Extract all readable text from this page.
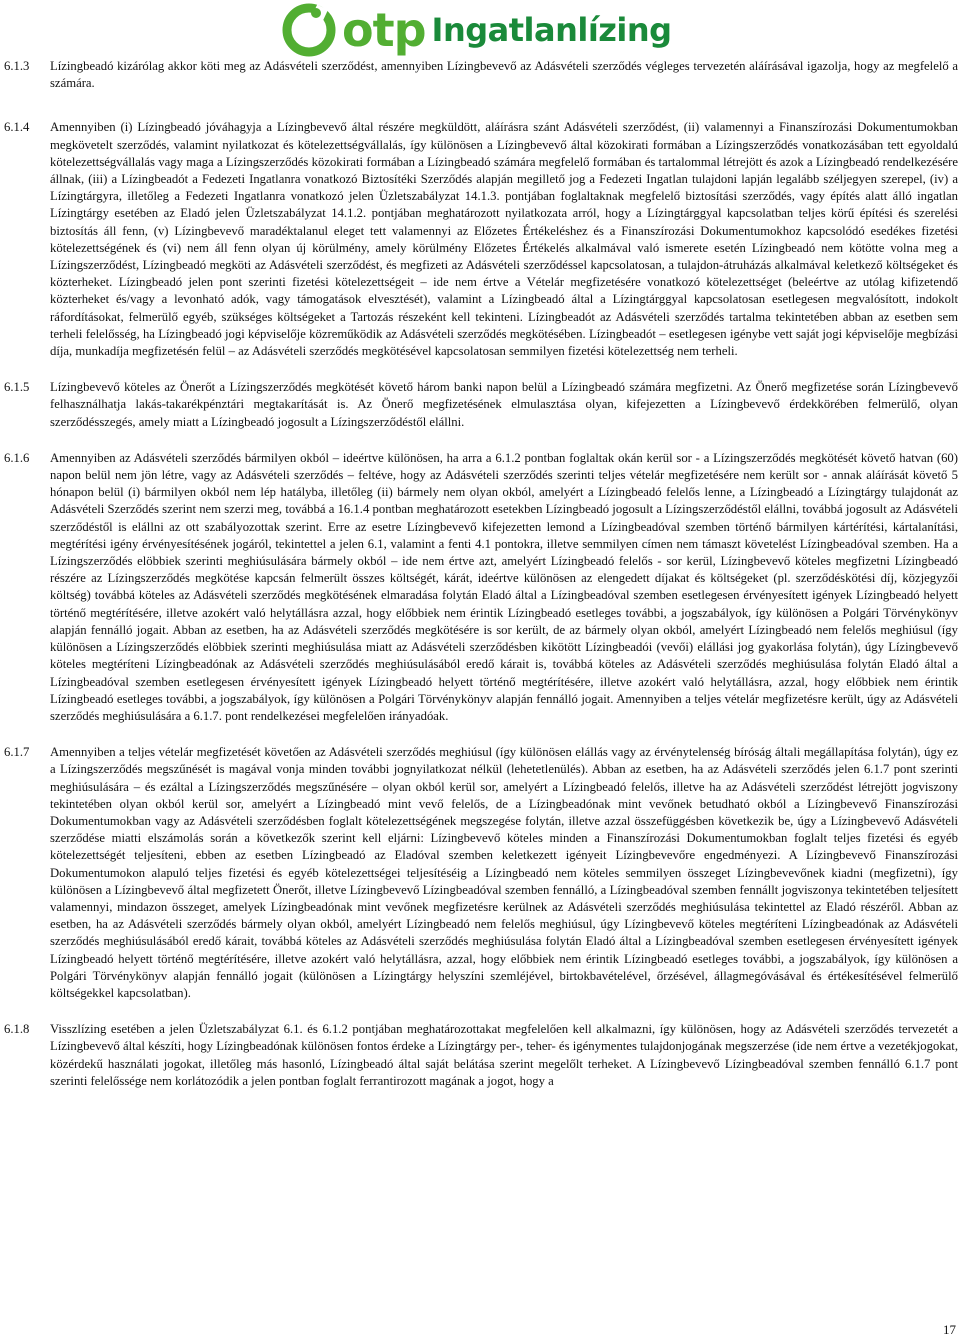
otp Ingatlanlízing
6.1.3	Lízingbeadó kizárólag akkor köti meg az Adásvételi szerződést, amennyiben Lízingbevevő az Adásvételi szerződés végleges tervezetén aláírásával igazolja, hogy az megfelelő a számára.
6.1.4	Amennyiben (i) Lízingbeadó jóváhagyja a Lízingbevevő által részére megküldött, aláírásra szánt Adásvételi szerződést, (ii) valamennyi a Finanszírozási Dokumentumokban megkövetelt szerződés, valamint nyilatkozat és kötelezettségvállalás, így különösen a Lízingbevevő által közokirati formában a Lízingszerződés vonatkozásában tett egyoldalú kötelezettségvállalás vagy maga a Lízingszerződés közokirati formában a Lízingbeadó számára megfelelő formában és tartalommal létrejött és azok a Lízingbeadó rendelkezésére állnak, (iii) a Lízingbeadót a Fedezeti Ingatlanra vonatkozó Biztosítéki Szerződés alapján megillető jog a Fedezeti Ingatlan tulajdoni lapján legalább széljegyen szerepel, (iv) a Lízingtárgyra, illetőleg a Fedezeti Ingatlanra vonatkozó jelen Üzletszabályzat 14.1.3. pontjában foglaltaknak megfelelő biztosítási szerződés, vagy építés alatt álló ingatlan Lízingtárgy esetében az Eladó jelen Üzletszabályzat 14.1.2. pontjában meghatározott nyilatkozata arról, hogy a Lízingtárggyal kapcsolatban teljes körű építési és szerelési biztosítás áll fenn, (v) Lízingbevevő maradéktalanul eleget tett valamennyi az Előzetes Értékeléshez és a Finanszírozási Dokumentumokhoz kapcsolódó esedékes fizetési kötelezettségének és (vi) nem áll fenn olyan új körülmény, amely körülmény Előzetes Értékelés alkalmával való ismerete esetén Lízingbeadó nem kötötte volna meg a Lízingszerződést, Lízingbeadó megköti az Adásvételi szerződést, és megfizeti az Adásvételi szerződéssel kapcsolatosan, a tulajdon-átruházás alkalmával keletkező költségeket és közterheket. Lízingbeadó jelen pont szerinti fizetési kötelezettségeit – ide nem értve a Vételár megfizetésére vonatkozó kötelezettséget (beleértve az utólag kifizetendő közterheket és/vagy a levonható adók, vagy támogatások elvesztését), valamint a Lízingbeadó által a Lízingtárggyal kapcsolatosan esetlegesen megvalósított, indokolt ráfordításokat, felmerülő egyéb, szükséges költségeket a Tartozás részeként kell tekinteni. Lízingbeadót az Adásvételi szerződés tartalma tekintetében abban az esetben sem terheli felelősség, ha Lízingbeadó jogi képviselője közreműködik az Adásvételi szerződés megkötésében. Lízingbeadót – esetlegesen igénybe vett saját jogi képviselője megbízási díja, munkadíja megfizetésén felül – az Adásvételi szerződés megkötésével kapcsolatosan semmilyen fizetési kötelezettség nem terheli.
6.1.5	Lízingbevevő köteles az Önerőt a Lízingszerződés megkötését követő három banki napon belül a Lízingbeadó számára megfizetni. Az Önerő megfizetése során Lízingbevevő felhasználhatja lakás-takarékpénztári megtakarítását is. Az Önerő megfizetésének elmulasztása olyan, kifejezetten a Lízingbevevő érdekkörében felmerülő, olyan szerződésszegés, amely miatt a Lízingbeadó jogosult a Lízingszerződéstől elállni.
6.1.6	Amennyiben az Adásvételi szerződés bármilyen okból – ideértve különösen, ha arra a 6.1.2 pontban foglaltak okán kerül sor - a Lízingszerződés megkötését követő hatvan (60) napon belül nem jön létre, vagy az Adásvételi szerződés – feltéve, hogy az Adásvételi szerződés szerinti teljes vételár megfizetésére nem került sor - annak aláírását követő 5 hónapon belül (i) bármilyen okból nem lép hatályba, illetőleg (ii) bármely nem olyan okból, amelyért a Lízingbeadó felelős lenne, a Lízingbeadó a Lízingtárgy tulajdonát az Adásvételi Szerződés szerint nem szerzi meg, továbbá a 16.1.4 pontban meghatározott esetekben Lízingbeadó jogosult a Lízingszerződéstől elállni, továbbá jogosult az Adásvételi szerződéstől is elállni az ott szabályozottak szerint. Erre az esetre Lízingbevevő kifejezetten lemond a Lízingbeadóval szemben történő bármilyen kártérítési, kártalanítási, megtérítési igény érvényesítésének jogáról, tekintettel a jelen 6.1, valamint a fenti 4.1 pontokra, illetve semmilyen címen nem támaszt követelést Lízingbeadóval szemben. Ha a Lízingszerződés elöbbiek szerinti meghiúsulására bármely okból – ide nem értve azt, amelyért Lízingbeadó felelős - sor kerül, Lízingbevevő köteles megfizetni Lízingbeadó részére az Lízingszerződés megkötése kapcsán felmerült összes költségét, kárát, ideértve különösen az elengedett díjakat és költségeket (pl. szerződéskötési díj, közjegyzői költség) továbbá köteles az Adásvételi szerződés megkötésének elmaradása folytán Eladó által a Lízingbeadóval szemben esetlegesen érvényesített igények Lízingbeadó helyett történő megtérítésére, illetve azokért való helytállásra azzal, hogy előbbiek nem érintik Lízingbeadó esetleges további, a jogszabályok, így különösen a Polgári Törvénykönyv alapján fennálló jogait. Abban az esetben, ha az Adásvételi szerződés megkötésére is sor került, de az bármely olyan okból, amelyért Lízingbeadó nem felelős meghiúsul (így különösen a Lízingszerződés elöbbiek szerinti meghiúsulása miatt az Adásvételi szerződésben kikötött Lízingbeadói (vevői) elállási jog gyakorlása folytán), úgy Lízingbevevő köteles megtéríteni Lízingbeadónak az Adásvételi szerződés meghiúsulásából eredő kárait is, továbbá köteles az Adásvételi szerződés meghiúsulása folytán Eladó által a Lízingbeadóval szemben esetlegesen érvényesített igények Lízingbeadó helyett történő megtérítésére, illetve azokért való helytállásra, azzal, hogy előbbiek nem érintik Lízingbeadó esetleges további, a jogszabályok, így különösen a Polgári Törvénykönyv alapján fennálló jogait. Amennyiben a teljes vételár megfizetésre került, úgy az Adásvételi szerződés meghiúsulására a 6.1.7. pont rendelkezései megfelelően irányadóak.
6.1.7	Amennyiben a teljes vételár megfizetését követően az Adásvételi szerződés meghiúsul (így különösen elállás vagy az érvénytelenség bíróság általi megállapítása folytán), úgy ez a Lízingszerződés megszűnését is magával vonja minden további jognyilatkozat nélkül (lehetetlenülés). Abban az esetben, ha az Adásvételi szerződés jelen 6.1.7 pont szerinti meghiúsulására – és ezáltal a Lízingszerződés megszűnésére – olyan okból kerül sor, amelyért a Lízingbeadó felelős, illetve ha az Adásvételi szerződést létrejött jogviszony tekintetében olyan okból kerül sor, amelyért a Lízingbeadó mint vevő felelős, de a Lízingbeadónak mint vevőnek betudható okból a Lízingbevevő Finanszírozási Dokumentumokban vagy az Adásvételi szerződésben foglalt kötelezettségének megszegése folytán, illetve azzal összefüggésben következik be, úgy a Lízingbevevő Adásvételi szerződése miatti elszámolás során a következők szerint kell eljárni: Lízingbevevő köteles minden a Finanszírozási Dokumentumokban foglalt teljes fizetési és egyéb kötelezettségét teljesíteni, ebben az esetben Lízingbeadó az Eladóval szemben keletkezett igényeit Lízingbevevőre engedményezi. A Lízingbevevő Finanszírozási Dokumentumokon alapuló teljes fizetési és egyéb kötelezettségei teljesítéséig a Lízingbeadó nem köteles semmilyen összeget Lízingbevevőnek kiadni (megfizetni), így különösen a Lízingbevevő által megfizetett Önerőt, illetve Lízingbevevő Lízingbeadóval szemben fennálló, a Lízingbeadóval szemben fennállt jogviszonya tekintetében teljesített valamennyi, mindazon összeget, amelyek Lízingbeadónak mint vevőnek megfizetésre kerülnek az Adásvételi szerződés meghiúsulása tekintettel az Eladó részéről. Abban az esetben, ha az Adásvételi szerződés bármely olyan okból, amelyért Lízingbeadó nem felelős meghiúsul, úgy Lízingbevevő köteles megtéríteni Lízingbeadónak az Adásvételi szerződés meghiúsulásából eredő kárait, továbbá köteles az Adásvételi szerződés meghiúsulása folytán Eladó által a Lízingbeadóval szemben esetlegesen érvényesített igények Lízingbeadó helyett történő megtérítésére, illetve azokért való helytállásra, azzal, hogy előbbiek nem érintik Lízingbeadó esetleges további, a jogszabályok, így különösen a Polgári Törvénykönyv alapján fennálló jogait (különösen a Lízingtárgy helyszíni szemléjével, birtokbavételével, őrzésével, állagmegóvásával és értékesítésével felmerülő költségekkel kapcsolatban).
6.1.8	Visszlízing esetében a jelen Üzletszabályzat 6.1. és 6.1.2 pontjában meghatározottakat megfelelően kell alkalmazni, így különösen, hogy az Adásvételi szerződés tervezetét a Lízingbevevő által készíti, hogy Lízingbeadónak különösen fontos érdeke a Lízingtárgy per-, teher- és igénymentes tulajdonjogának megszerzése (ide nem értve a vezetékjogokat, közérdekű használati jogokat, illetőleg más hasonló, Lízingbeadó által saját belátása szerint megelőlt terheket. A Lízingbevevő Lízingbeadóval szemben fennálló 6.1.7 pont szerinti felelőssége nem korlátozódik a jelen pontban foglalt ferrantirozott magának a jogot, hogy a
17
